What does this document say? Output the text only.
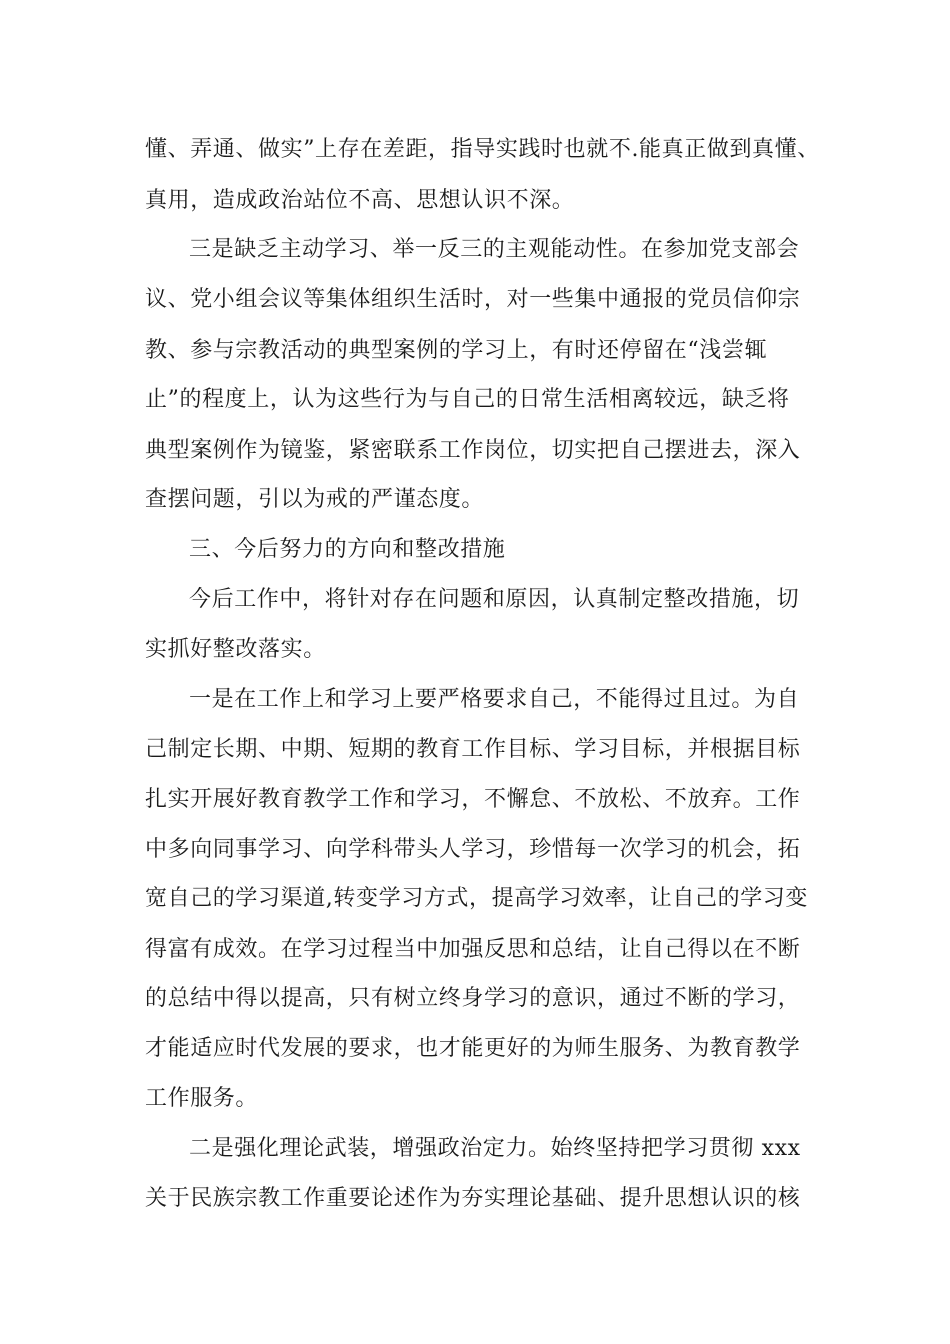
懂、弄通、做实”上存在差距，指导实践时也就不.能真正做到真懂、
真用，造成政治站位不高、思想认识不深。
三是缺乏主动学习、举一反三的主观能动性。在参加党支部会
议、党小组会议等集体组织生活时，对一些集中通报的党员信仰宗
教、参与宗教活动的典型案例的学习上，有时还停留在“浅尝辄
止”的程度上，认为这些行为与自己的日常生活相离较远，缺乏将
典型案例作为镜鉴，紧密联系工作岗位，切实把自己摆进去，深入
查摆问题，引以为戒的严谨态度。
三、今后努力的方向和整改措施
今后工作中，将针对存在问题和原因，认真制定整改措施，切
实抓好整改落实。
一是在工作上和学习上要严格要求自己，不能得过且过。为自
己制定长期、中期、短期的教育工作目标、学习目标，并根据目标
扎实开展好教育教学工作和学习，不懈怠、不放松、不放弃。工作
中多向同事学习、向学科带头人学习，珍惜每一次学习的机会，拓
宽自己的学习渠道,转变学习方式，提高学习效率，让自己的学习变
得富有成效。在学习过程当中加强反思和总结，让自己得以在不断
的总结中得以提高，只有树立终身学习的意识，通过不断的学习，
才能适应时代发展的要求，也才能更好的为师生服务、为教育教学
工作服务。
二是强化理论武装，增强政治定力。始终坚持把学习贯彻 xxx
关于民族宗教工作重要论述作为夯实理论基础、提升思想认识的核
